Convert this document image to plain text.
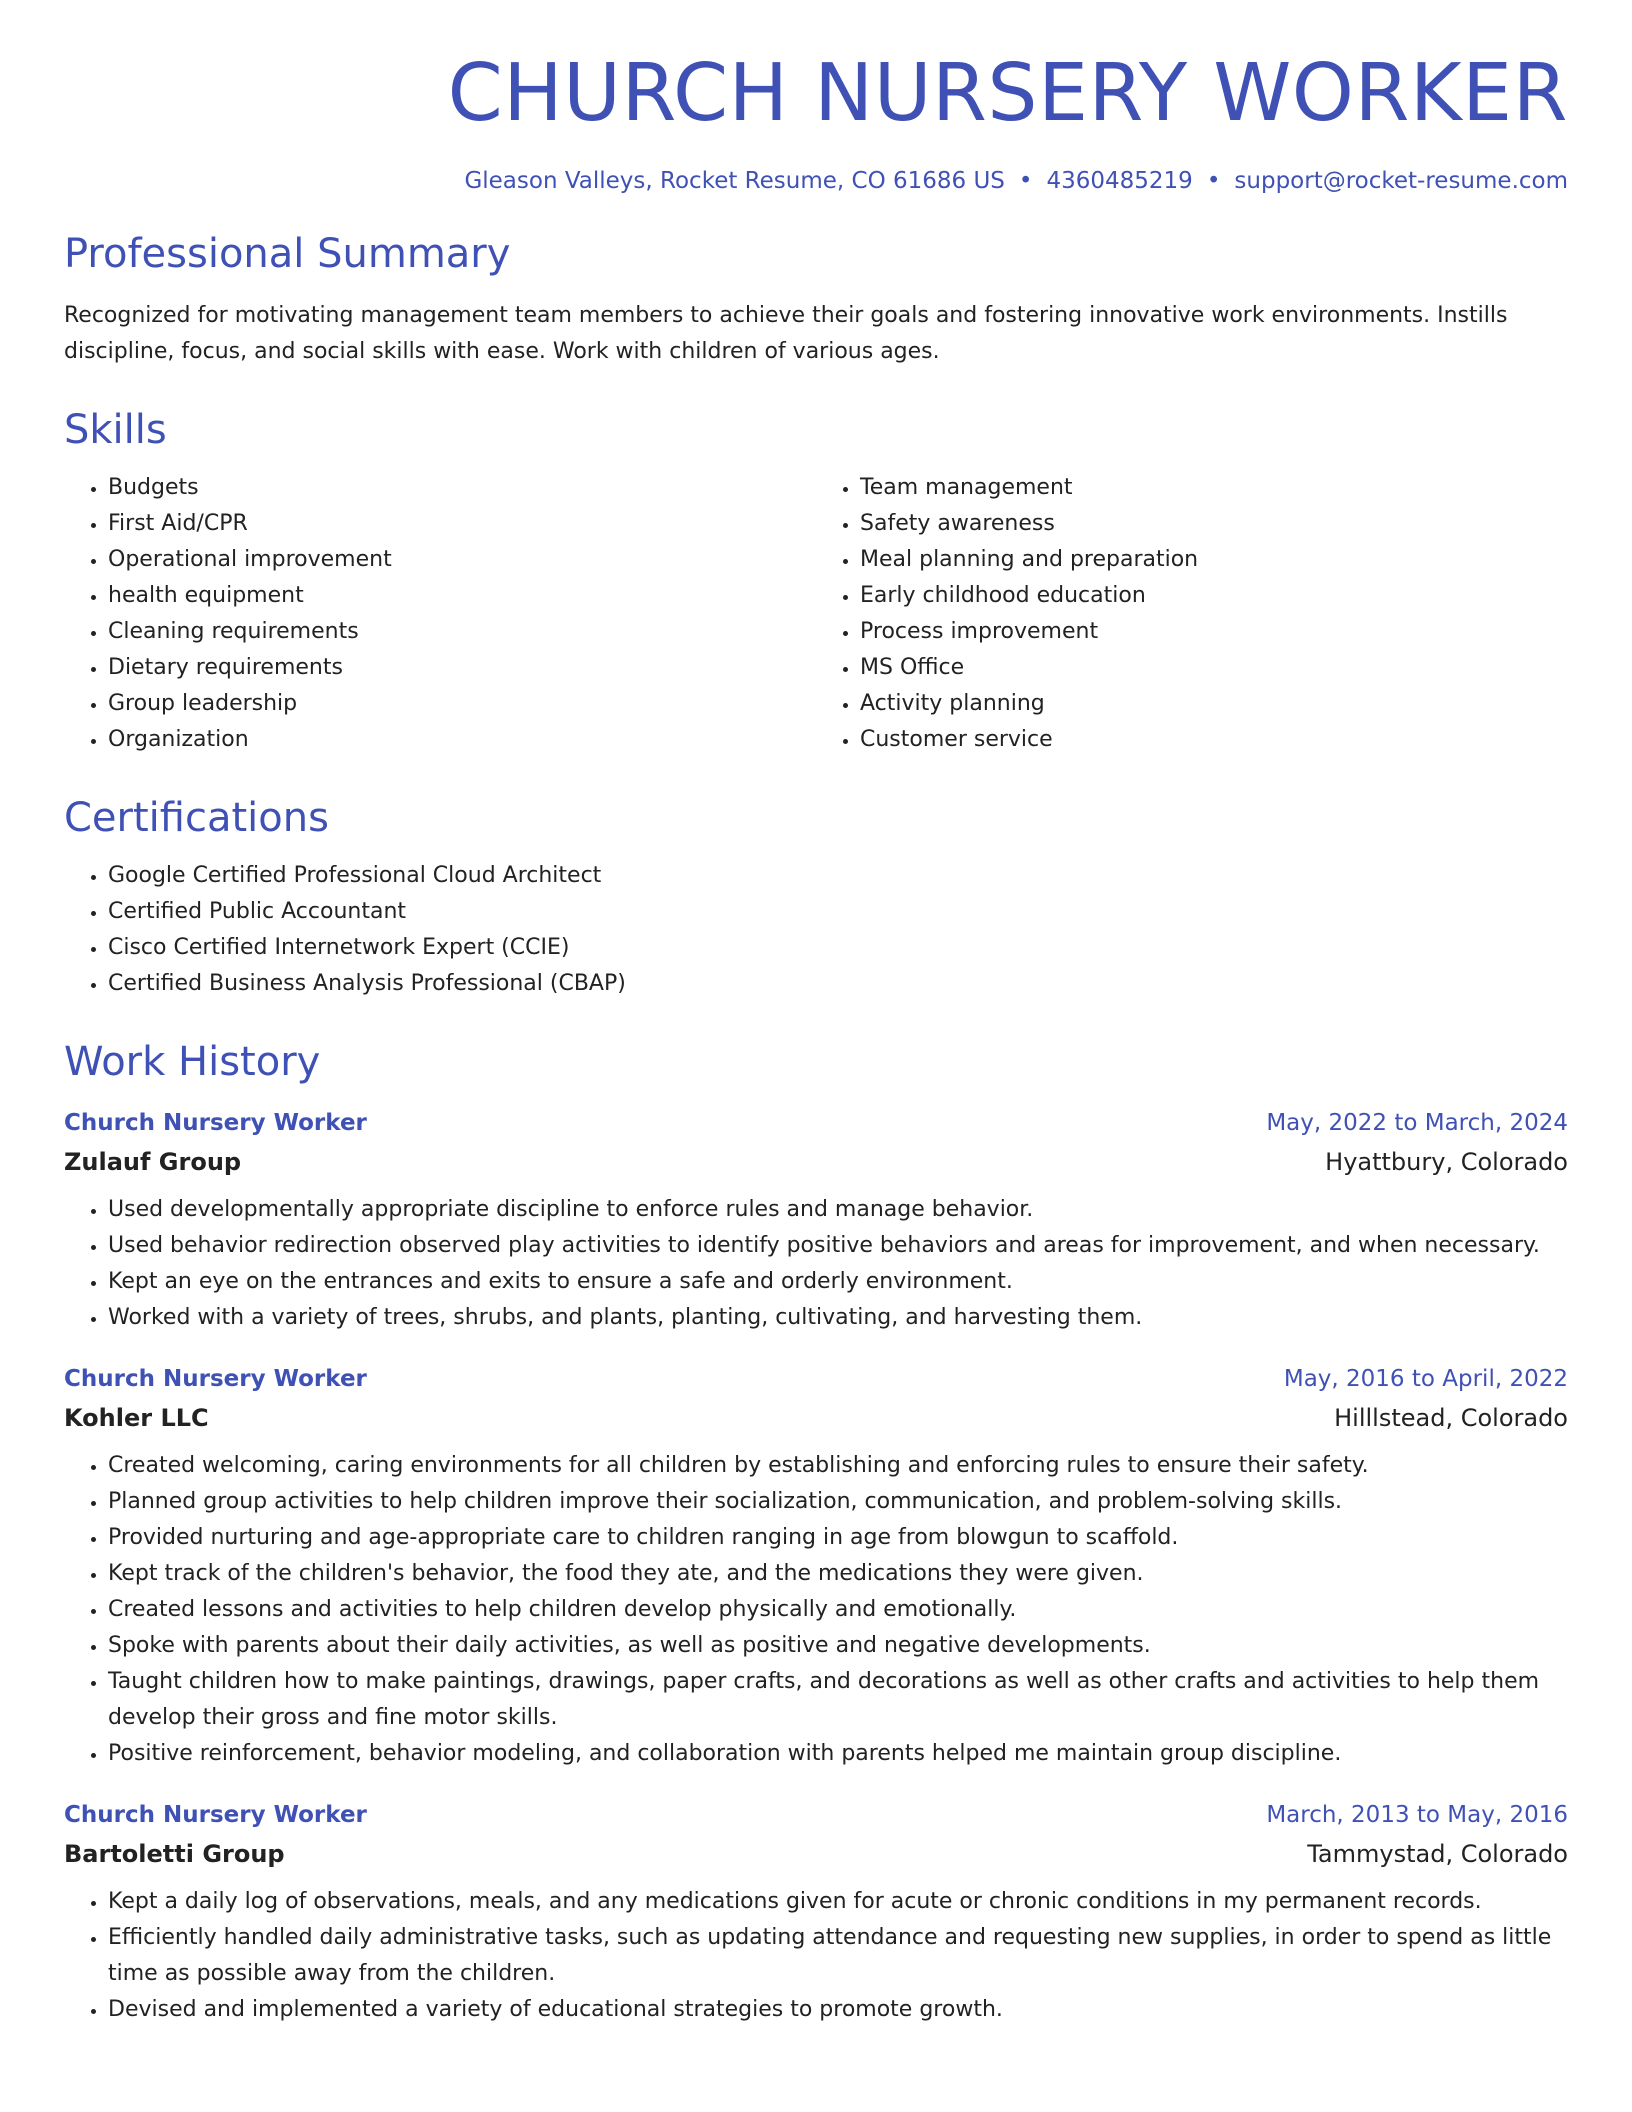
CHURCH NURSERY WORKER
Gleason Valleys, Rocket Resume, CO 61686 US • 4360485219 • support@rocket-resume.com
Professional Summary

Recognized for motivating management team members to achieve their goals and fostering innovative work environments. Instills discipline, focus, and social skills with ease. Work with children of various ages.

Skills
• Budgets
• First Aid/CPR
• Operational improvement
• health equipment
• Cleaning requirements
• Dietary requirements
• Group leadership
• Organization
• Team management
• Safety awareness
• Meal planning and preparation
• Early childhood education
• Process improvement
• MS Office
• Activity planning
• Customer service
Certifications
• Google Certified Professional Cloud Architect
• Certified Public Accountant
• Cisco Certified Internetwork Expert (CCIE)
• Certified Business Analysis Professional (CBAP)
Work History
Church Nursery Worker	May, 2022 to March, 2024
Zulauf Group	Hyattbury, Colorado
• Used developmentally appropriate discipline to enforce rules and manage behavior.
• Used behavior redirection observed play activities to identify positive behaviors and areas for improvement, and when necessary.
• Kept an eye on the entrances and exits to ensure a safe and orderly environment.
• Worked with a variety of trees, shrubs, and plants, planting, cultivating, and harvesting them.
Church Nursery Worker	May, 2016 to April, 2022
Kohler LLC	Hilllstead, Colorado
• Created welcoming, caring environments for all children by establishing and enforcing rules to ensure their safety.
• Planned group activities to help children improve their socialization, communication, and problem-solving skills.
• Provided nurturing and age-appropriate care to children ranging in age from blowgun to scaffold.
• Kept track of the children's behavior, the food they ate, and the medications they were given.
• Created lessons and activities to help children develop physically and emotionally.
• Spoke with parents about their daily activities, as well as positive and negative developments.
• Taught children how to make paintings, drawings, paper crafts, and decorations as well as other crafts and activities to help them develop their gross and fine motor skills.
• Positive reinforcement, behavior modeling, and collaboration with parents helped me maintain group discipline.
Church Nursery Worker	March, 2013 to May, 2016
Bartoletti Group	Tammystad, Colorado
• Kept a daily log of observations, meals, and any medications given for acute or chronic conditions in my permanent records.
• Efficiently handled daily administrative tasks, such as updating attendance and requesting new supplies, in order to spend as little time as possible away from the children.
• Devised and implemented a variety of educational strategies to promote growth.
